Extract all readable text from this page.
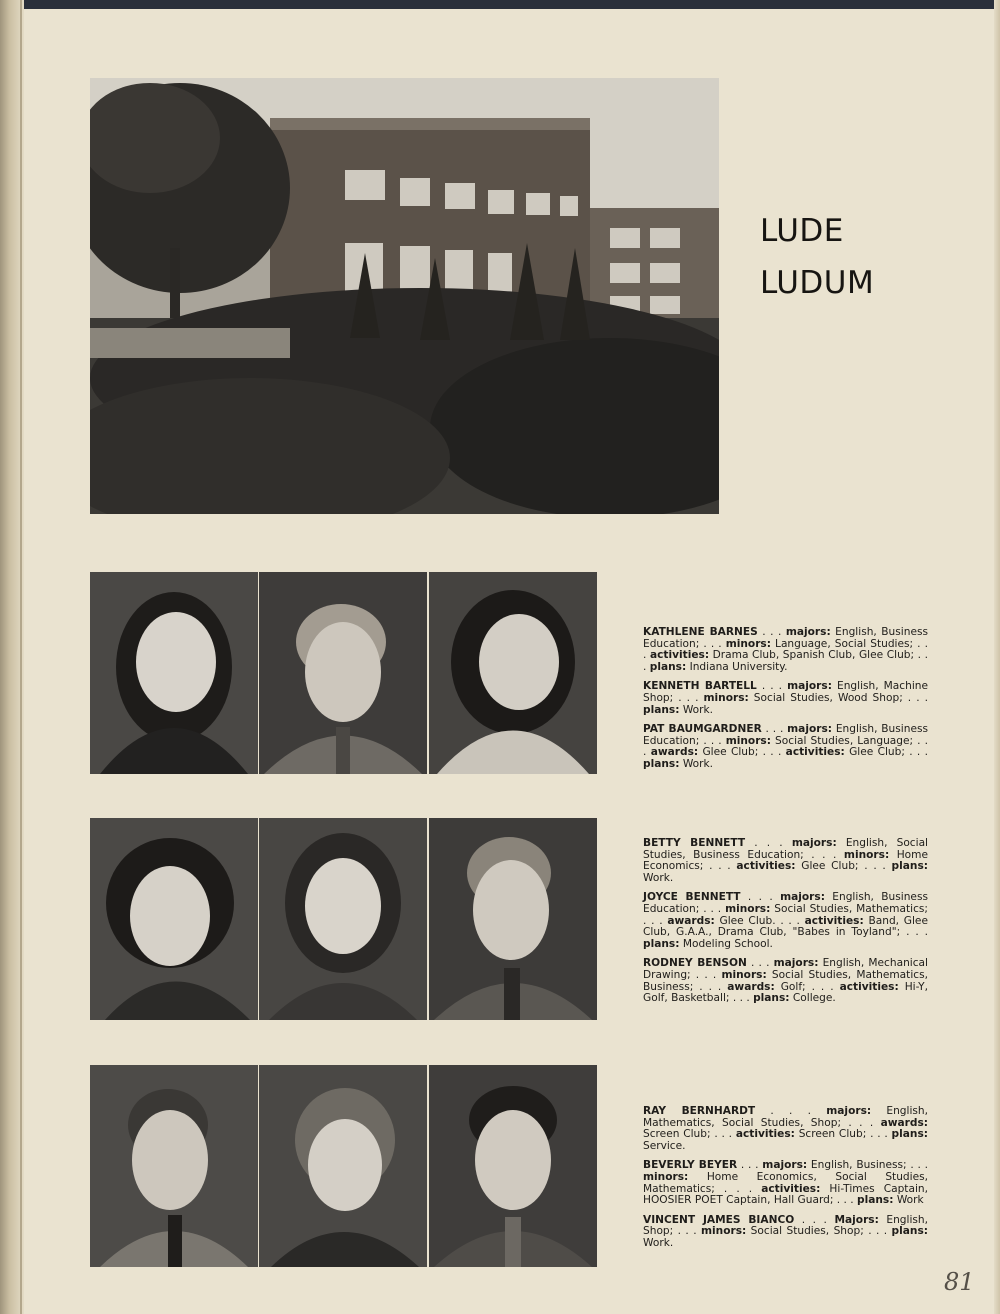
LUDE
LUDUM

KATHLENE BARNES . . . majors: English, Business Education; . . . minors: Language, Social Studies; . . . activities: Drama Club, Spanish Club, Glee Club; . . . plans: Indiana University.

KENNETH BARTELL . . . majors: English, Machine Shop; . . . minors: Social Studies, Wood Shop; . . . plans: Work.

PAT BAUMGARDNER . . . majors: English, Business Education; . . . minors: Social Studies, Language; . . . awards: Glee Club; . . . activities: Glee Club; . . . plans: Work.

BETTY BENNETT . . . majors: English, Social Studies, Business Education; . . . minors: Home Economics; . . . activities: Glee Club; . . . plans: Work.

JOYCE BENNETT . . . majors: English, Business Education; . . . minors: Social Studies, Mathematics; . . . awards: Glee Club. . . . activities: Band, Glee Club, G.A.A., Drama Club, "Babes in Toyland"; . . . plans: Modeling School.

RODNEY BENSON . . . majors: English, Mechanical Drawing; . . . minors: Social Studies, Mathematics, Business; . . . awards: Golf; . . . activities: Hi-Y, Golf, Basketball; . . . plans: College.

RAY BERNHARDT . . . majors: English, Mathematics, Social Studies, Shop; . . . awards: Screen Club; . . . activities: Screen Club; . . . plans: Service.

BEVERLY BEYER . . . majors: English, Business; . . . minors: Home Economics, Social Studies, Mathematics; . . . activities: Hi-Times Captain, HOOSIER POET Captain, Hall Guard; . . . plans: Work

VINCENT JAMES BIANCO . . . Majors: English, Shop; . . . minors: Social Studies, Shop; . . . plans: Work.

81
